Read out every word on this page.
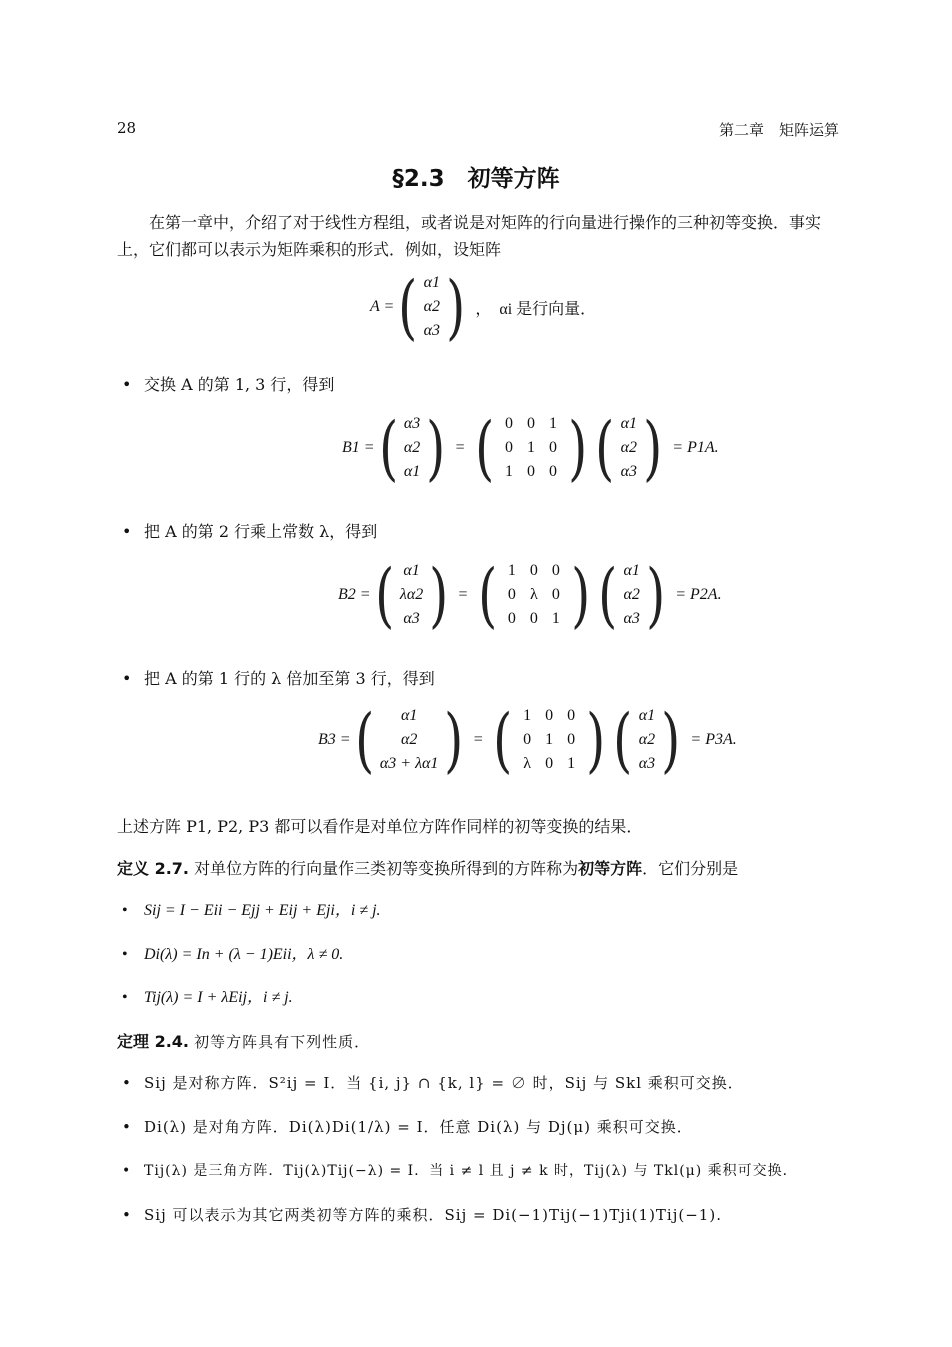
28	第二章　矩阵运算
§2.3　初等方阵
在第一章中，介绍了对于线性方程组，或者说是对矩阵的行向量进行操作的三种初等变换．事实上，它们都可以表示为矩阵乘积的形式．例如，设矩阵
A = ( α1
α2
α3 ) ，　αi 是行向量．
• 交换 A 的第 1, 3 行，得到
B1 = ( α3
α2
α1 ) = ( 0 0 1
0 1 0
1 0 0 ) ( α1
α2
α3 ) = P1A.
• 把 A 的第 2 行乘上常数 λ，得到
B2 = ( α1
λα2
α3 ) = ( 1 0 0
0 λ 0
0 0 1 ) ( α1
α2
α3 ) = P2A.
• 把 A 的第 1 行的 λ 倍加至第 3 行，得到
B3 = ( α1
α2
α3 + λα1 ) = ( 1 0 0
0 1 0
λ 0 1 ) ( α1
α2
α3 ) = P3A.
上述方阵 P1, P2, P3 都可以看作是对单位方阵作同样的初等变换的结果．
定义 2.7. 对单位方阵的行向量作三类初等变换所得到的方阵称为初等方阵．它们分别是
• Sij = I − Eii − Ejj + Eij + Eji，i ≠ j.
• Di(λ) = In + (λ − 1)Eii，λ ≠ 0.
• Tij(λ) = I + λEij，i ≠ j.
定理 2.4. 初等方阵具有下列性质．
• Sij 是对称方阵．S²ij = I．当 {i, j} ∩ {k, l} = ∅ 时，Sij 与 Skl 乘积可交换．
• Di(λ) 是对角方阵．Di(λ)Di(1/λ) = I．任意 Di(λ) 与 Dj(μ) 乘积可交换．
• Tij(λ) 是三角方阵．Tij(λ)Tij(−λ) = I．当 i ≠ l 且 j ≠ k 时，Tij(λ) 与 Tkl(μ) 乘积可交换．
• Sij 可以表示为其它两类初等方阵的乘积．Sij = Di(−1)Tij(−1)Tji(1)Tij(−1).
